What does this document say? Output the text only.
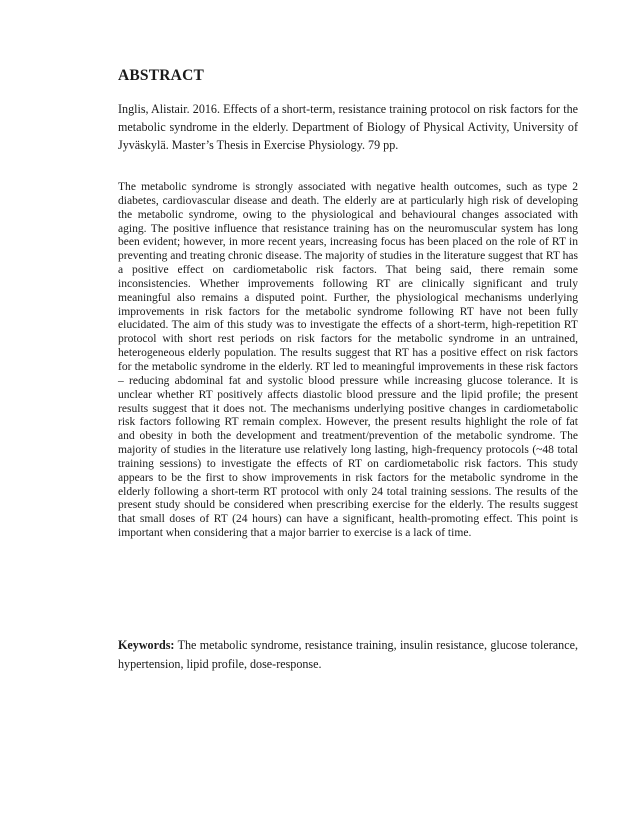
ABSTRACT

Inglis, Alistair. 2016. Effects of a short-term, resistance training protocol on risk factors for the metabolic syndrome in the elderly. Department of Biology of Physical Activity, University of Jyväskylä. Master’s Thesis in Exercise Physiology. 79 pp.

The metabolic syndrome is strongly associated with negative health outcomes, such as type 2 diabetes, cardiovascular disease and death. The elderly are at particularly high risk of developing the metabolic syndrome, owing to the physiological and behavioural changes associated with aging. The positive influence that resistance training has on the neuromuscular system has long been evident; however, in more recent years, increasing focus has been placed on the role of RT in preventing and treating chronic disease. The majority of studies in the literature suggest that RT has a positive effect on cardiometabolic risk factors. That being said, there remain some inconsistencies. Whether improvements following RT are clinically significant and truly meaningful also remains a disputed point. Further, the physiological mechanisms underlying improvements in risk factors for the metabolic syndrome following RT have not been fully elucidated. The aim of this study was to investigate the effects of a short-term, high-repetition RT protocol with short rest periods on risk factors for the metabolic syndrome in an untrained, heterogeneous elderly population. The results suggest that RT has a positive effect on risk factors for the metabolic syndrome in the elderly. RT led to meaningful improvements in these risk factors – reducing abdominal fat and systolic blood pressure while increasing glucose tolerance. It is unclear whether RT positively affects diastolic blood pressure and the lipid profile; the present results suggest that it does not. The mechanisms underlying positive changes in cardiometabolic risk factors following RT remain complex. However, the present results highlight the role of fat and obesity in both the development and treatment/prevention of the metabolic syndrome. The majority of studies in the literature use relatively long lasting, high-frequency protocols (~48 total training sessions) to investigate the effects of RT on cardiometabolic risk factors. This study appears to be the first to show improvements in risk factors for the metabolic syndrome in the elderly following a short-term RT protocol with only 24 total training sessions. The results of the present study should be considered when prescribing exercise for the elderly. The results suggest that small doses of RT (24 hours) can have a significant, health-promoting effect. This point is important when considering that a major barrier to exercise is a lack of time.

Keywords: The metabolic syndrome, resistance training, insulin resistance, glucose tolerance, hypertension, lipid profile, dose-response.
